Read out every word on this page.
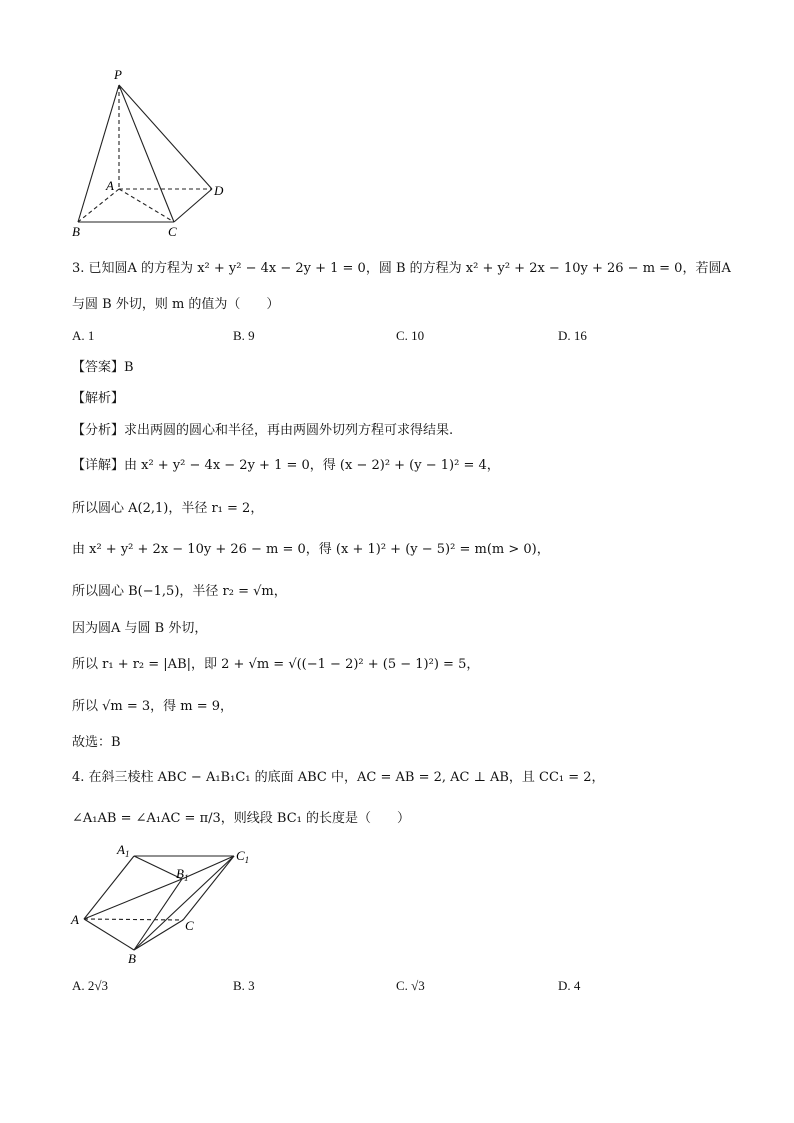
P
A	D
B	C
3. 已知圆A 的方程为 x² + y² − 4x − 2y + 1 = 0，圆 B 的方程为 x² + y² + 2x − 10y + 26 − m = 0，若圆A
与圆 B 外切，则 m 的值为（　　）
A. 1	B. 9	C. 10	D. 16
【答案】B
【解析】
【分析】求出两圆的圆心和半径，再由两圆外切列方程可求得结果.
【详解】由 x² + y² − 4x − 2y + 1 = 0，得 (x − 2)² + (y − 1)² = 4，
所以圆心 A(2,1)，半径 r₁ = 2，
由 x² + y² + 2x − 10y + 26 − m = 0，得 (x + 1)² + (y − 5)² = m(m > 0)，
所以圆心 B(−1,5)，半径 r₂ = √m，
因为圆A 与圆 B 外切，
所以 r₁ + r₂ = |AB|，即 2 + √m = √((−1 − 2)² + (5 − 1)²) = 5，
所以 √m = 3，得 m = 9，
故选：B
4. 在斜三棱柱 ABC − A₁B₁C₁ 的底面 ABC 中，AC = AB = 2, AC ⊥ AB，且 CC₁ = 2，
∠A₁AB = ∠A₁AC = π/3，则线段 BC₁ 的长度是（　　）
$A_1$
$B_1$
$C_1$
A	C
B
A. 2√3	B. 3	C. √3	D. 4
